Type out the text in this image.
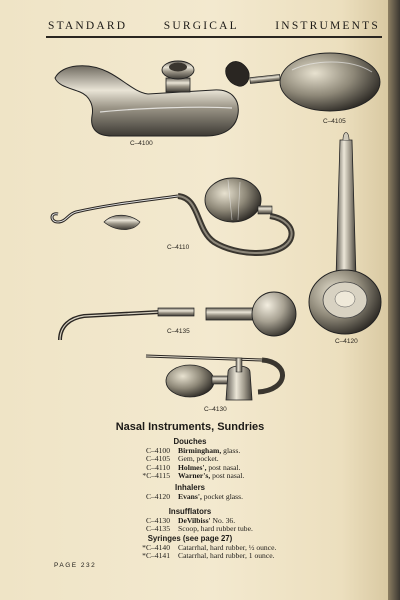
STANDARD	SURGICAL	INSTRUMENTS
C–4100
C–4105
C–4110
C–4120
C–4135
C–4130
Nasal Instruments, Sundries
Douches
C–4100	Birmingham, glass.
C–4105	Gem, pocket.
C–4110	Holmes', post nasal.
*C–4115	Warner's, post nasal.
Inhalers
C–4120	Evans', pocket glass.
Insufflators
C–4130	DeVilbiss' No. 36.
C–4135	Scoop, hard rubber tube.
Syringes (see page 27)
*C–4140	Catarrhal, hard rubber, ½ ounce.
*C–4141	Catarrhal, hard rubber, 1 ounce.
PAGE 232
